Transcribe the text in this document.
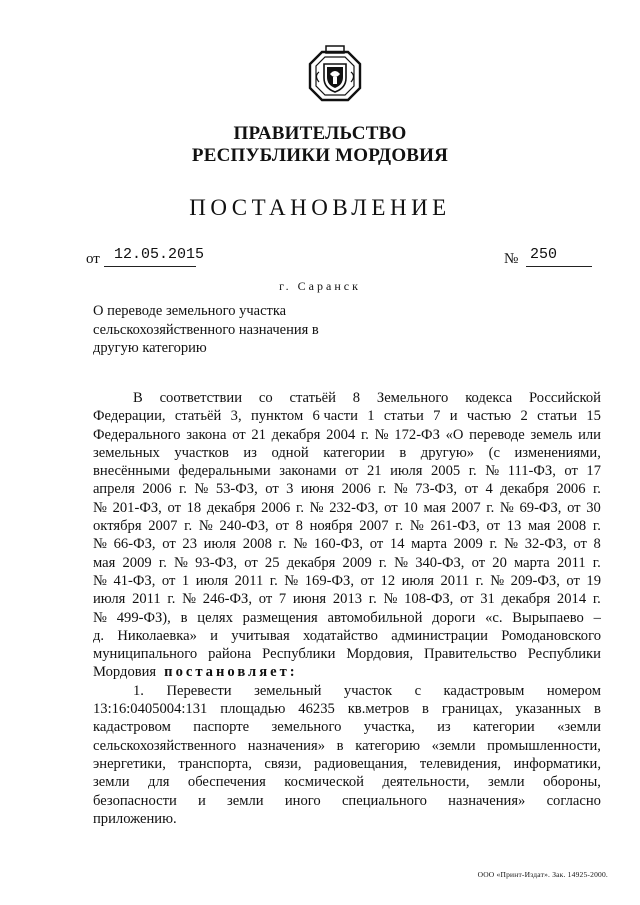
ПРАВИТЕЛЬСТВО
РЕСПУБЛИКИ МОРДОВИЯ
ПОСТАНОВЛЕНИЕ
от 12.05.2015	№ 250
г. Саранск
О переводе земельного участка
сельскохозяйственного назначения в
другую категорию
В соответствии со статьёй 8 Земельного кодекса Российской
Федерации, статьёй 3, пунктом 6 части 1 статьи 7 и частью 2 статьи 15
Федерального закона от 21 декабря 2004 г. № 172-ФЗ «О переводе земель или
земельных участков из одной категории в другую» (с изменениями,
внесёнными федеральными законами от 21 июля 2005 г. № 111-ФЗ, от 17
апреля 2006 г. № 53-ФЗ, от 3 июня 2006 г. № 73-ФЗ, от 4 декабря 2006 г.
№ 201-ФЗ, от 18 декабря 2006 г. № 232-ФЗ, от 10 мая 2007 г. № 69-ФЗ, от 30
октября 2007 г. № 240-ФЗ, от 8 ноября 2007 г. № 261-ФЗ, от 13 мая 2008 г.
№ 66-ФЗ, от 23 июля 2008 г. № 160-ФЗ, от 14 марта 2009 г. № 32-ФЗ, от 8
мая 2009 г. № 93-ФЗ, от 25 декабря 2009 г. № 340-ФЗ, от 20 марта 2011 г.
№ 41-ФЗ, от 1 июля 2011 г. № 169-ФЗ, от 12 июля 2011 г. № 209-ФЗ, от 19
июля 2011 г. № 246-ФЗ, от 7 июня 2013 г. № 108-ФЗ, от 31 декабря 2014 г.
№ 499-ФЗ), в целях размещения автомобильной дороги «с. Вырыпаево –
д. Николаевка» и учитывая ходатайство администрации Ромодановского
муниципального района Республики Мордовия, Правительство Республики
Мордовия постановляет:
1. Перевести земельный участок с кадастровым номером
13:16:0405004:131 площадью 46235 кв.метров в границах, указанных в
кадастровом паспорте земельного участка, из категории «земли
сельскохозяйственного назначения» в категорию «земли промышленности,
энергетики, транспорта, связи, радиовещания, телевидения, информатики,
земли для обеспечения космической деятельности, земли обороны,
безопасности и земли иного специального назначения» согласно
приложению.
ООО «Принт-Издат». Зак. 14925-2000.
